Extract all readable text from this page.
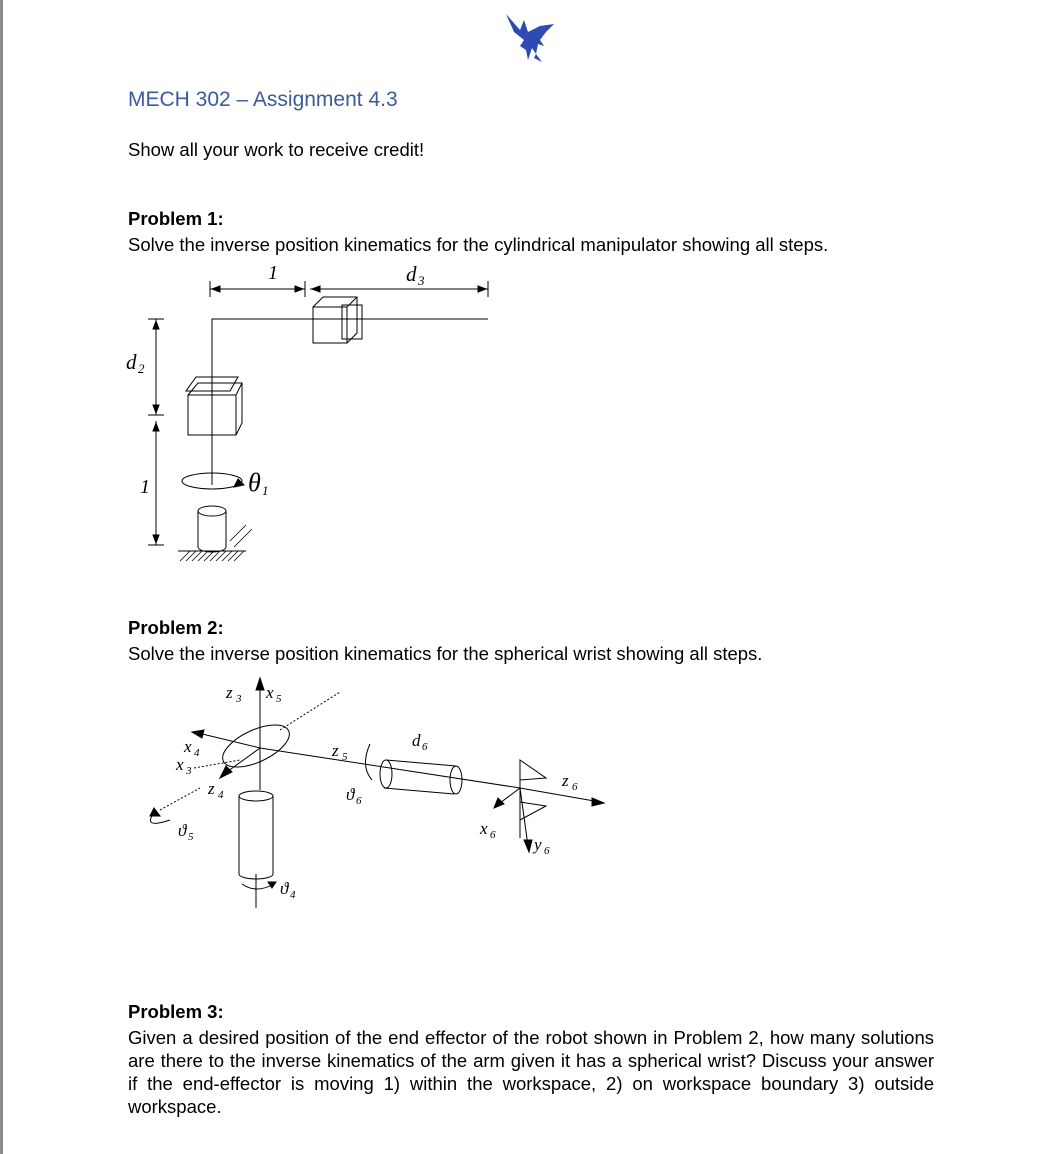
MECH 302 – Assignment 4.3
Show all your work to receive credit!
Problem 1:
Solve the inverse position kinematics for the cylindrical manipulator showing all steps.
1	d 3
d 2
1	θ 1
Problem 2:
Solve the inverse position kinematics for the spherical wrist showing all steps.
z 3 x 5
x 4
x 3
z 4
ϑ 5
ϑ 4
z 5
ϑ 6
d 6
z 6
x 6 y 6
Problem 3:
Given a desired position of the end effector of the robot shown in Problem 2, how many solutions are there to the inverse kinematics of the arm given it has a spherical wrist? Discuss your answer if the end-effector is moving 1) within the workspace, 2) on workspace boundary 3) outside workspace.
